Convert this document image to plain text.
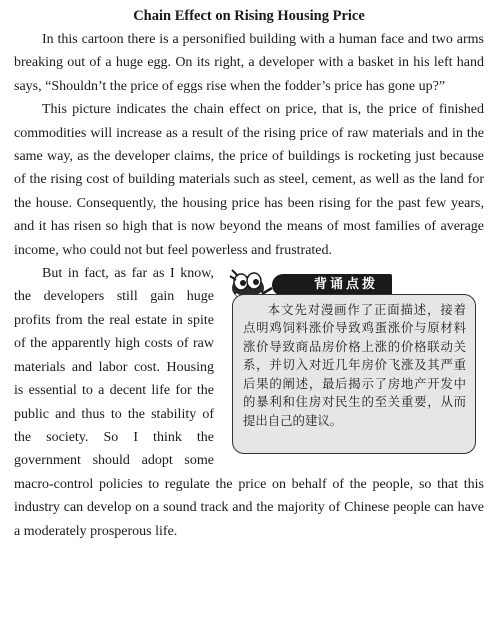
Chain Effect on Rising Housing Price

In this cartoon there is a personified building with a human face and two arms breaking out of a huge egg. On its right, a developer with a basket in his left hand says, “Shouldn’t the price of eggs rise when the fodder’s price has gone up?”

This picture indicates the chain effect on price, that is, the price of finished commodities will increase as a result of the rising price of raw materials and in the same way, as the developer claims, the price of buildings is rocketing just because of the rising cost of building materials such as steel, cement, as well as the land for the house. Consequently, the housing price has been rising for the past few years, and it has risen so high that is now beyond the means of most families of average income, who could not but feel powerless and frustrated.

背诵点拨
本文先对漫画作了正面描述，接着点明鸡饲料涨价导致鸡蛋涨价与原材料涨价导致商品房价格上涨的价格联动关系，并切入对近几年房价飞涨及其严重后果的阐述，最后揭示了房地产开发中的暴利和住房对民生的至关重要，从而提出自己的建议。
But in fact, as far as I know, the developers still gain huge profits from the real estate in spite of the apparently high costs of raw materials and labor cost. Housing is essential to a decent life for the public and thus to the stability of the society. So I think the government should adopt some macro-control policies to regulate the price on behalf of the people, so that this industry can develop on a sound track and the majority of Chinese people can have a moderately prosperous life.
